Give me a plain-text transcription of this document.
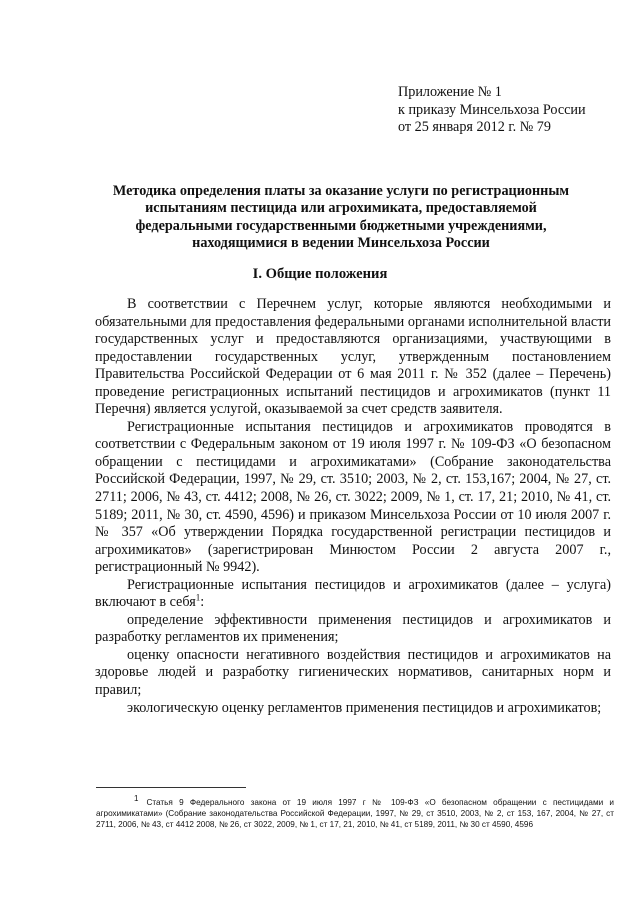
Приложение № 1
к приказу Минсельхоза России
от 25 января 2012 г. № 79
Методика определения платы за оказание услуги по регистрационным
испытаниям пестицида или агрохимиката, предоставляемой
федеральными государственными бюджетными учреждениями,
находящимися в ведении Минсельхоза России
I. Общие положения

В соответствии с Перечнем услуг, которые являются необходимыми и обязательными для предоставления федеральными органами исполнительной власти государственных услуг и предоставляются организациями, участвующими в предоставлении государственных услуг, утвержденным постановлением Правительства Российской Федерации от 6 мая 2011 г. № 352 (далее – Перечень) проведение регистрационных испытаний пестицидов и агрохимикатов (пункт 11 Перечня) является услугой, оказываемой за счет средств заявителя.

Регистрационные испытания пестицидов и агрохимикатов проводятся в соответствии с Федеральным законом от 19 июля 1997 г. № 109-ФЗ «О безопасном обращении с пестицидами и агрохимикатами» (Собрание законодательства Российской Федерации, 1997, № 29, ст. 3510; 2003, № 2, ст. 153,167; 2004, № 27, ст. 2711; 2006, № 43, ст. 4412; 2008, № 26, ст. 3022; 2009, № 1, ст. 17, 21; 2010, № 41, ст. 5189; 2011, № 30, ст. 4590, 4596) и приказом Минсельхоза России от 10 июля 2007 г. № 357 «Об утверждении Порядка государственной регистрации пестицидов и агрохимикатов» (зарегистрирован Минюстом России 2 августа 2007 г., регистрационный № 9942).

Регистрационные испытания пестицидов и агрохимикатов (далее – услуга) включают в себя$^1$:

определение эффективности применения пестицидов и агрохимикатов и разработку регламентов их применения;

оценку опасности негативного воздействия пестицидов и агрохимикатов на здоровье людей и разработку гигиенических нормативов, санитарных норм и правил;

экологическую оценку регламентов применения пестицидов и агрохимикатов;

1 Статья 9 Федерального закона от 19 июля 1997 г № 109-ФЗ «О безопасном обращении с пестицидами и агрохимикатами» (Собрание законодательства Российской Федерации, 1997, № 29, ст 3510, 2003, № 2, ст 153, 167, 2004, № 27, ст 2711, 2006, № 43, ст 4412 2008, № 26, ст 3022, 2009, № 1, ст 17, 21, 2010, № 41, ст 5189, 2011, № 30 ст 4590, 4596
